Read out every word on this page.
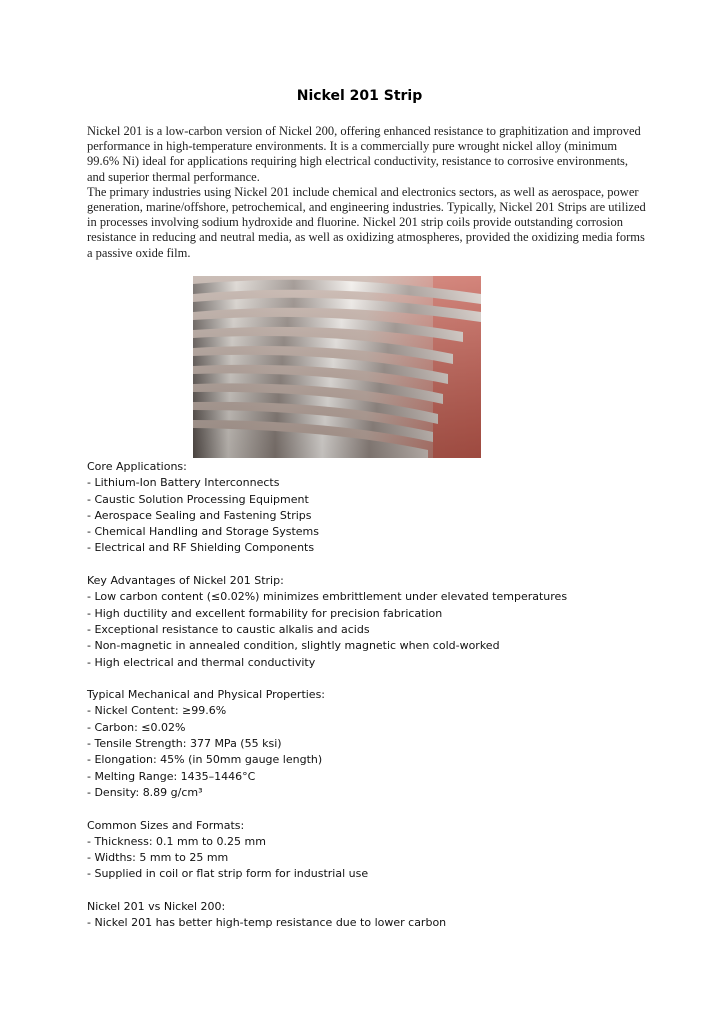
Nickel 201 Strip

Nickel 201 is a low-carbon version of Nickel 200, offering enhanced resistance to graphitization and improved performance in high-temperature environments. It is a commercially pure wrought nickel alloy (minimum 99.6% Ni) ideal for applications requiring high electrical conductivity, resistance to corrosive environments, and superior thermal performance.

The primary industries using Nickel 201 include chemical and electronics sectors, as well as aerospace, power generation, marine/offshore, petrochemical, and engineering industries. Typically, Nickel 201 Strips are utilized in processes involving sodium hydroxide and fluorine. Nickel 201 strip coils provide outstanding corrosion resistance in reducing and neutral media, as well as oxidizing atmospheres, provided the oxidizing media forms a passive oxide film.

Core Applications:
- Lithium-Ion Battery Interconnects
- Caustic Solution Processing Equipment
- Aerospace Sealing and Fastening Strips
- Chemical Handling and Storage Systems
- Electrical and RF Shielding Components
Key Advantages of Nickel 201 Strip:
- Low carbon content (≤0.02%) minimizes embrittlement under elevated temperatures
- High ductility and excellent formability for precision fabrication
- Exceptional resistance to caustic alkalis and acids
- Non-magnetic in annealed condition, slightly magnetic when cold-worked
- High electrical and thermal conductivity
Typical Mechanical and Physical Properties:
- Nickel Content: ≥99.6%
- Carbon: ≤0.02%
- Tensile Strength: 377 MPa (55 ksi)
- Elongation: 45% (in 50mm gauge length)
- Melting Range: 1435–1446°C
- Density: 8.89 g/cm³
Common Sizes and Formats:
- Thickness: 0.1 mm to 0.25 mm
- Widths: 5 mm to 25 mm
- Supplied in coil or flat strip form for industrial use
Nickel 201 vs Nickel 200:
- Nickel 201 has better high-temp resistance due to lower carbon
